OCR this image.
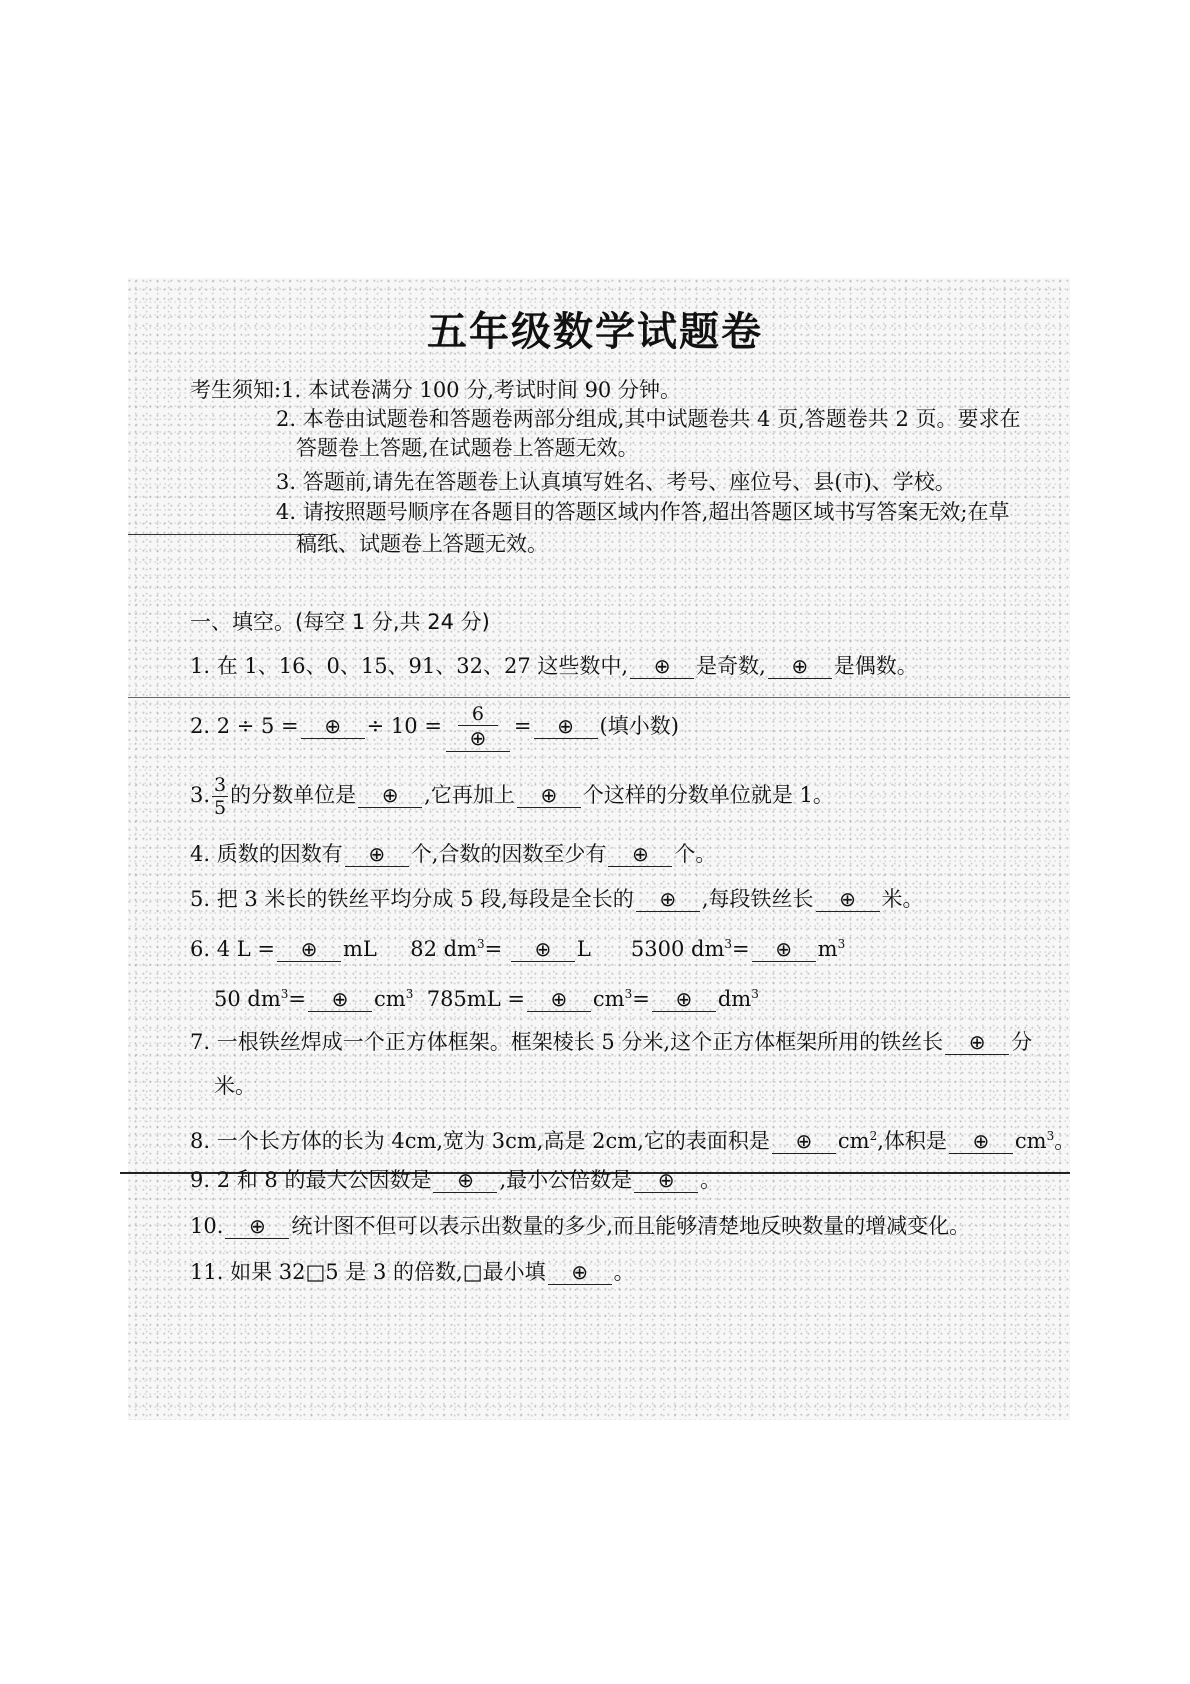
五年级数学试题卷
考生须知:1. 本试卷满分 100 分,考试时间 90 分钟。
2. 本卷由试题卷和答题卷两部分组成,其中试题卷共 4 页,答题卷共 2 页。要求在
答题卷上答题,在试题卷上答题无效。
3. 答题前,请先在答题卷上认真填写姓名、考号、座位号、县(市)、学校。
4. 请按照题号顺序在各题目的答题区域内作答,超出答题区域书写答案无效;在草
稿纸、试题卷上答题无效。
一、填空。(每空 1 分,共 24 分)
1. 在 1、16、0、15、91、32、27 这些数中, ⊕ 是奇数, ⊕ 是偶数。
2. 2 ÷ 5 = ⊕ ÷ $10 = \frac{6}{\oplus}$ = ⊕ (填小数)
3. $\frac{3}{5}$ 的分数单位是 ⊕ ,它再加上 ⊕ 个这样的分数单位就是 1。
4. 质数的因数有 ⊕ 个,合数的因数至少有 ⊕ 个。
5. 把 3 米长的铁丝平均分成 5 段,每段是全长的 ⊕ ,每段铁丝长 ⊕ 米。
6. 4 L = ⊕ mL 82 $dm^3=$ ⊕ L 5300 $dm^3=$ ⊕ $m^3$
50 $dm^3=$ ⊕ $cm^3$ 785mL = ⊕ $cm^3=$ ⊕ $dm^3$
7. 一根铁丝焊成一个正方体框架。框架棱长 5 分米,这个正方体框架所用的铁丝长 ⊕ 分
米。
8. 一个长方体的长为 4cm,宽为 3cm,高是 2cm,它的表面积是 ⊕ $cm^2$,体积是 ⊕ $cm^3$。
9. 2 和 8 的最大公因数是 ⊕ ,最小公倍数是 ⊕ 。
10. ⊕ 统计图不但可以表示出数量的多少,而且能够清楚地反映数量的增减变化。
11. 如果 32□5 是 3 的倍数,□最小填 ⊕ 。
